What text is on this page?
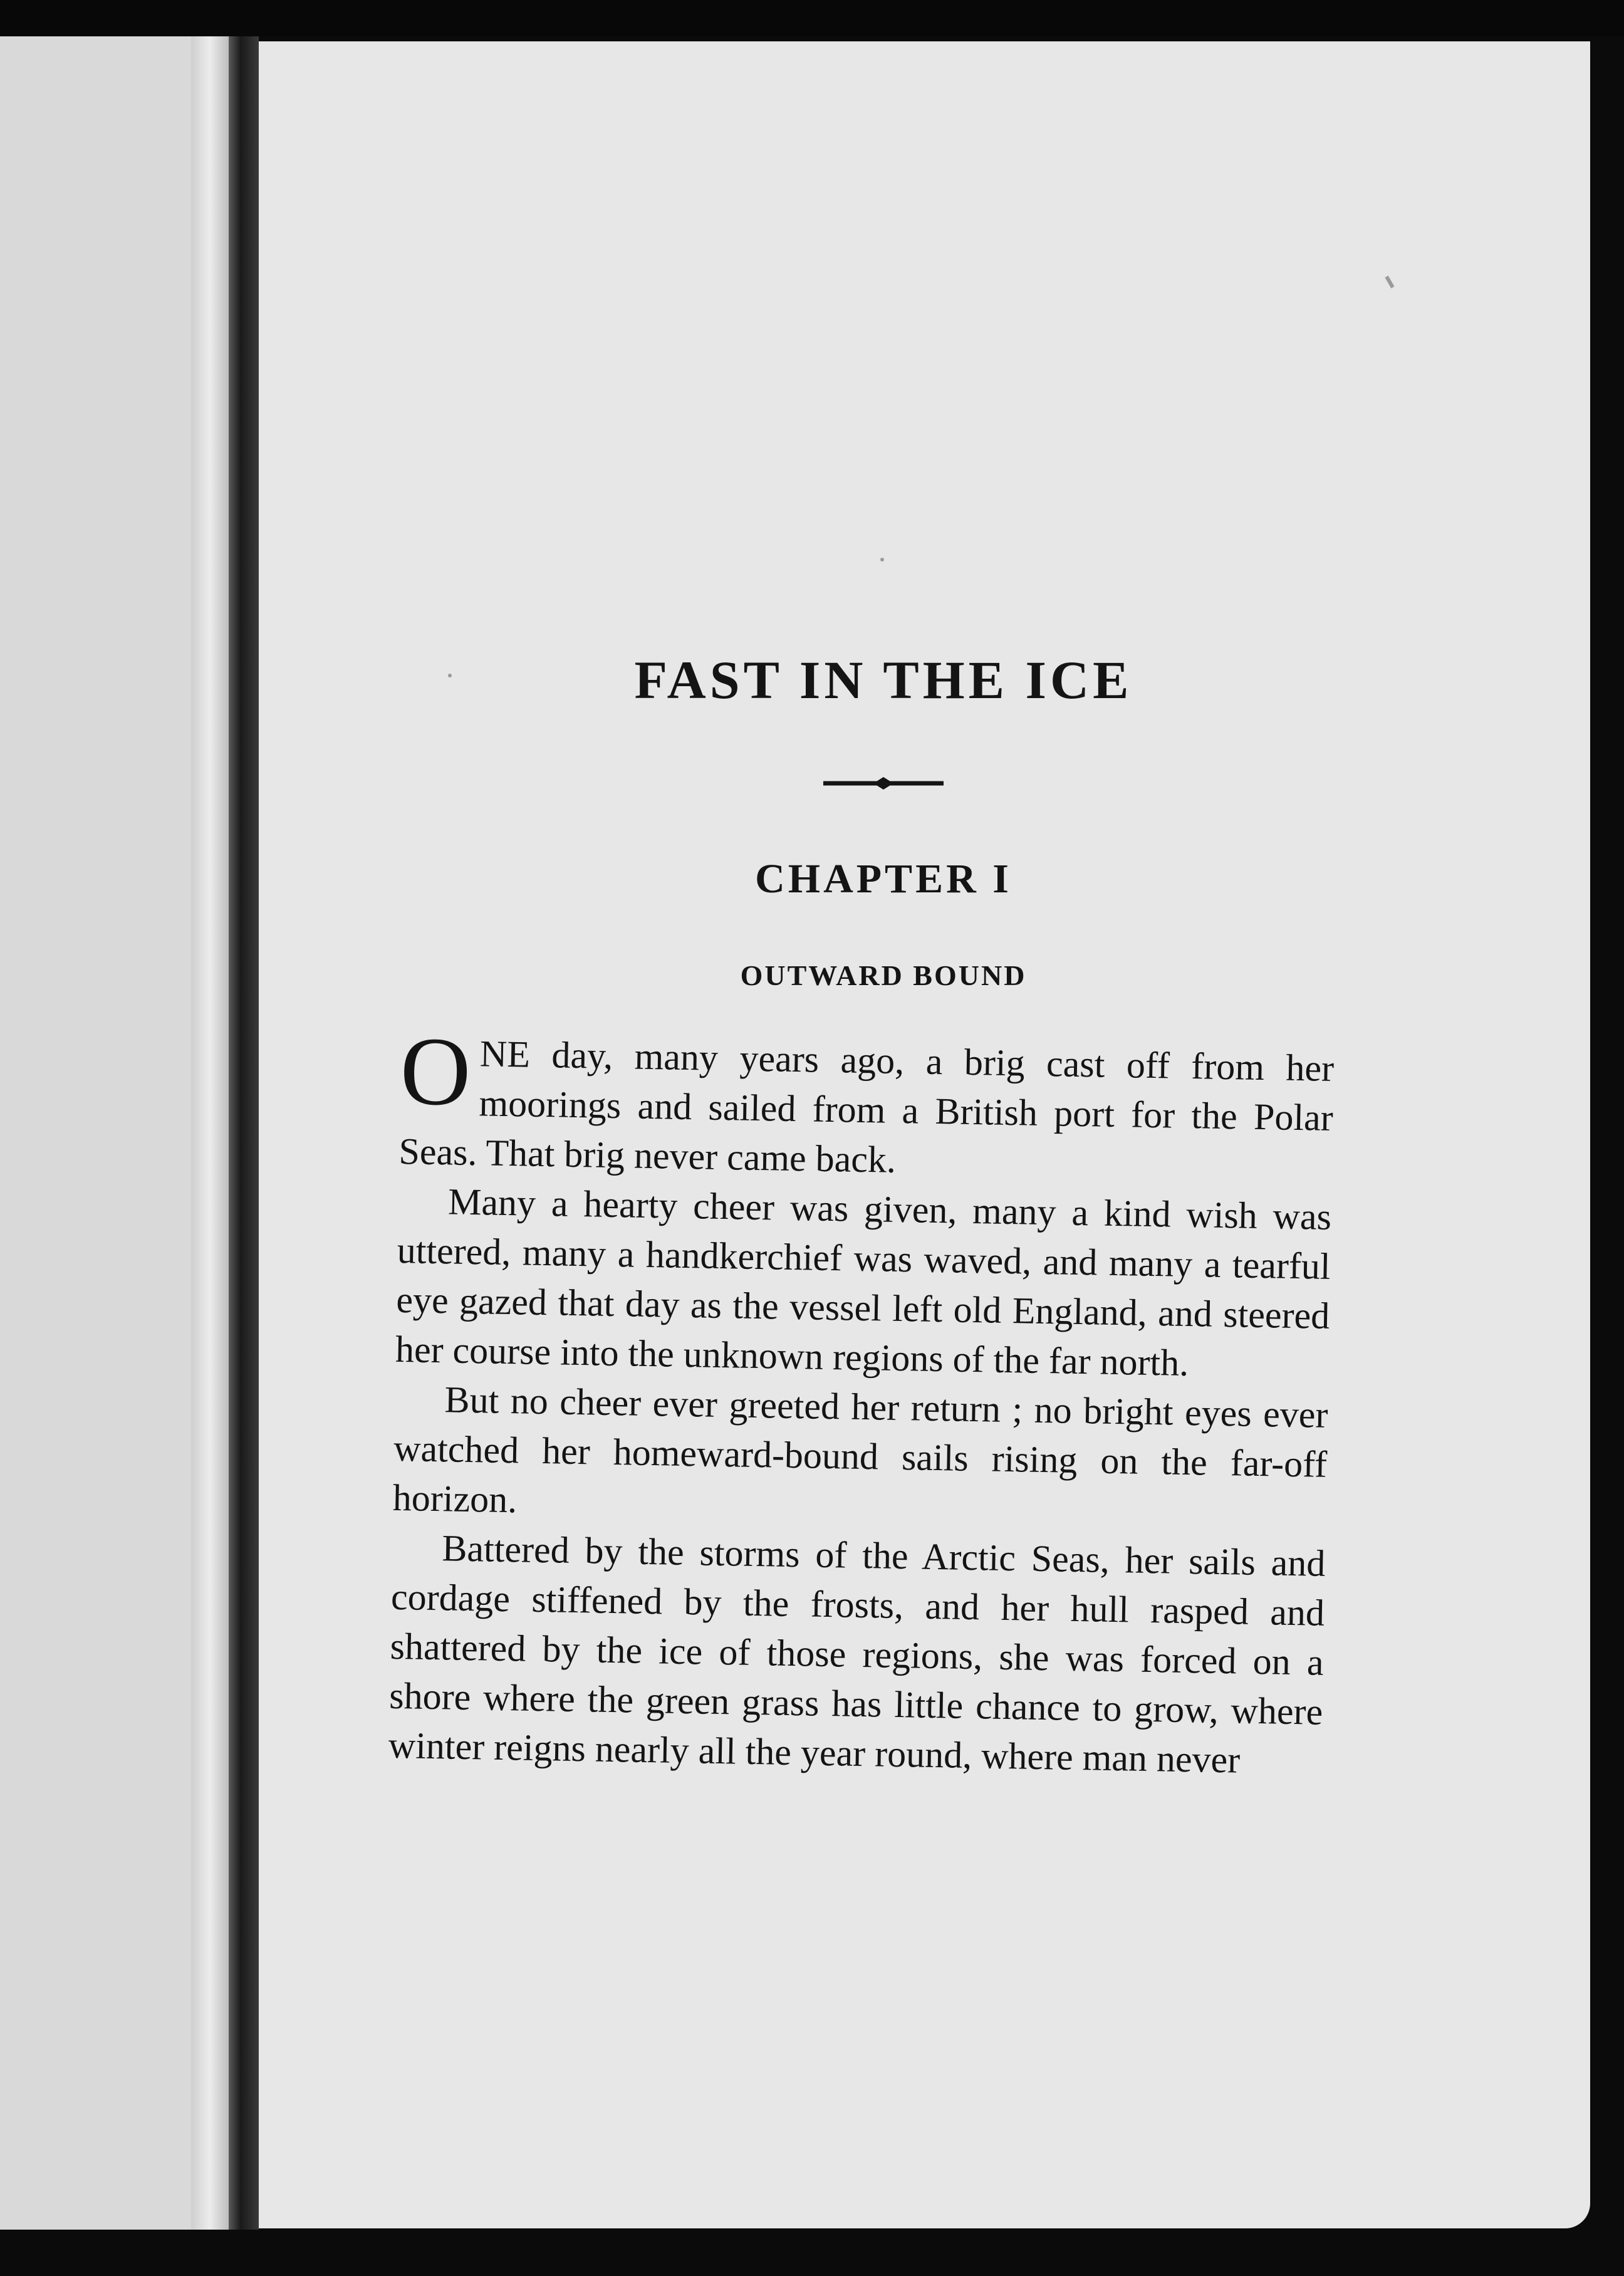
FAST IN THE ICE
CHAPTER I
OUTWARD BOUND

ONE day, many years ago, a brig cast off from her moorings and sailed from a British port for the Polar Seas. That brig never came back.

Many a hearty cheer was given, many a kind wish was uttered, many a handkerchief was waved, and many a tearful eye gazed that day as the vessel left old England, and steered her course into the unknown regions of the far north.

But no cheer ever greeted her return ; no bright eyes ever watched her homeward-bound sails rising on the far-off horizon.

Battered by the storms of the Arctic Seas, her sails and cordage stiffened by the frosts, and her hull rasped and shattered by the ice of those regions, she was forced on a shore where the green grass has little chance to grow, where winter reigns nearly all the year round, where man never
